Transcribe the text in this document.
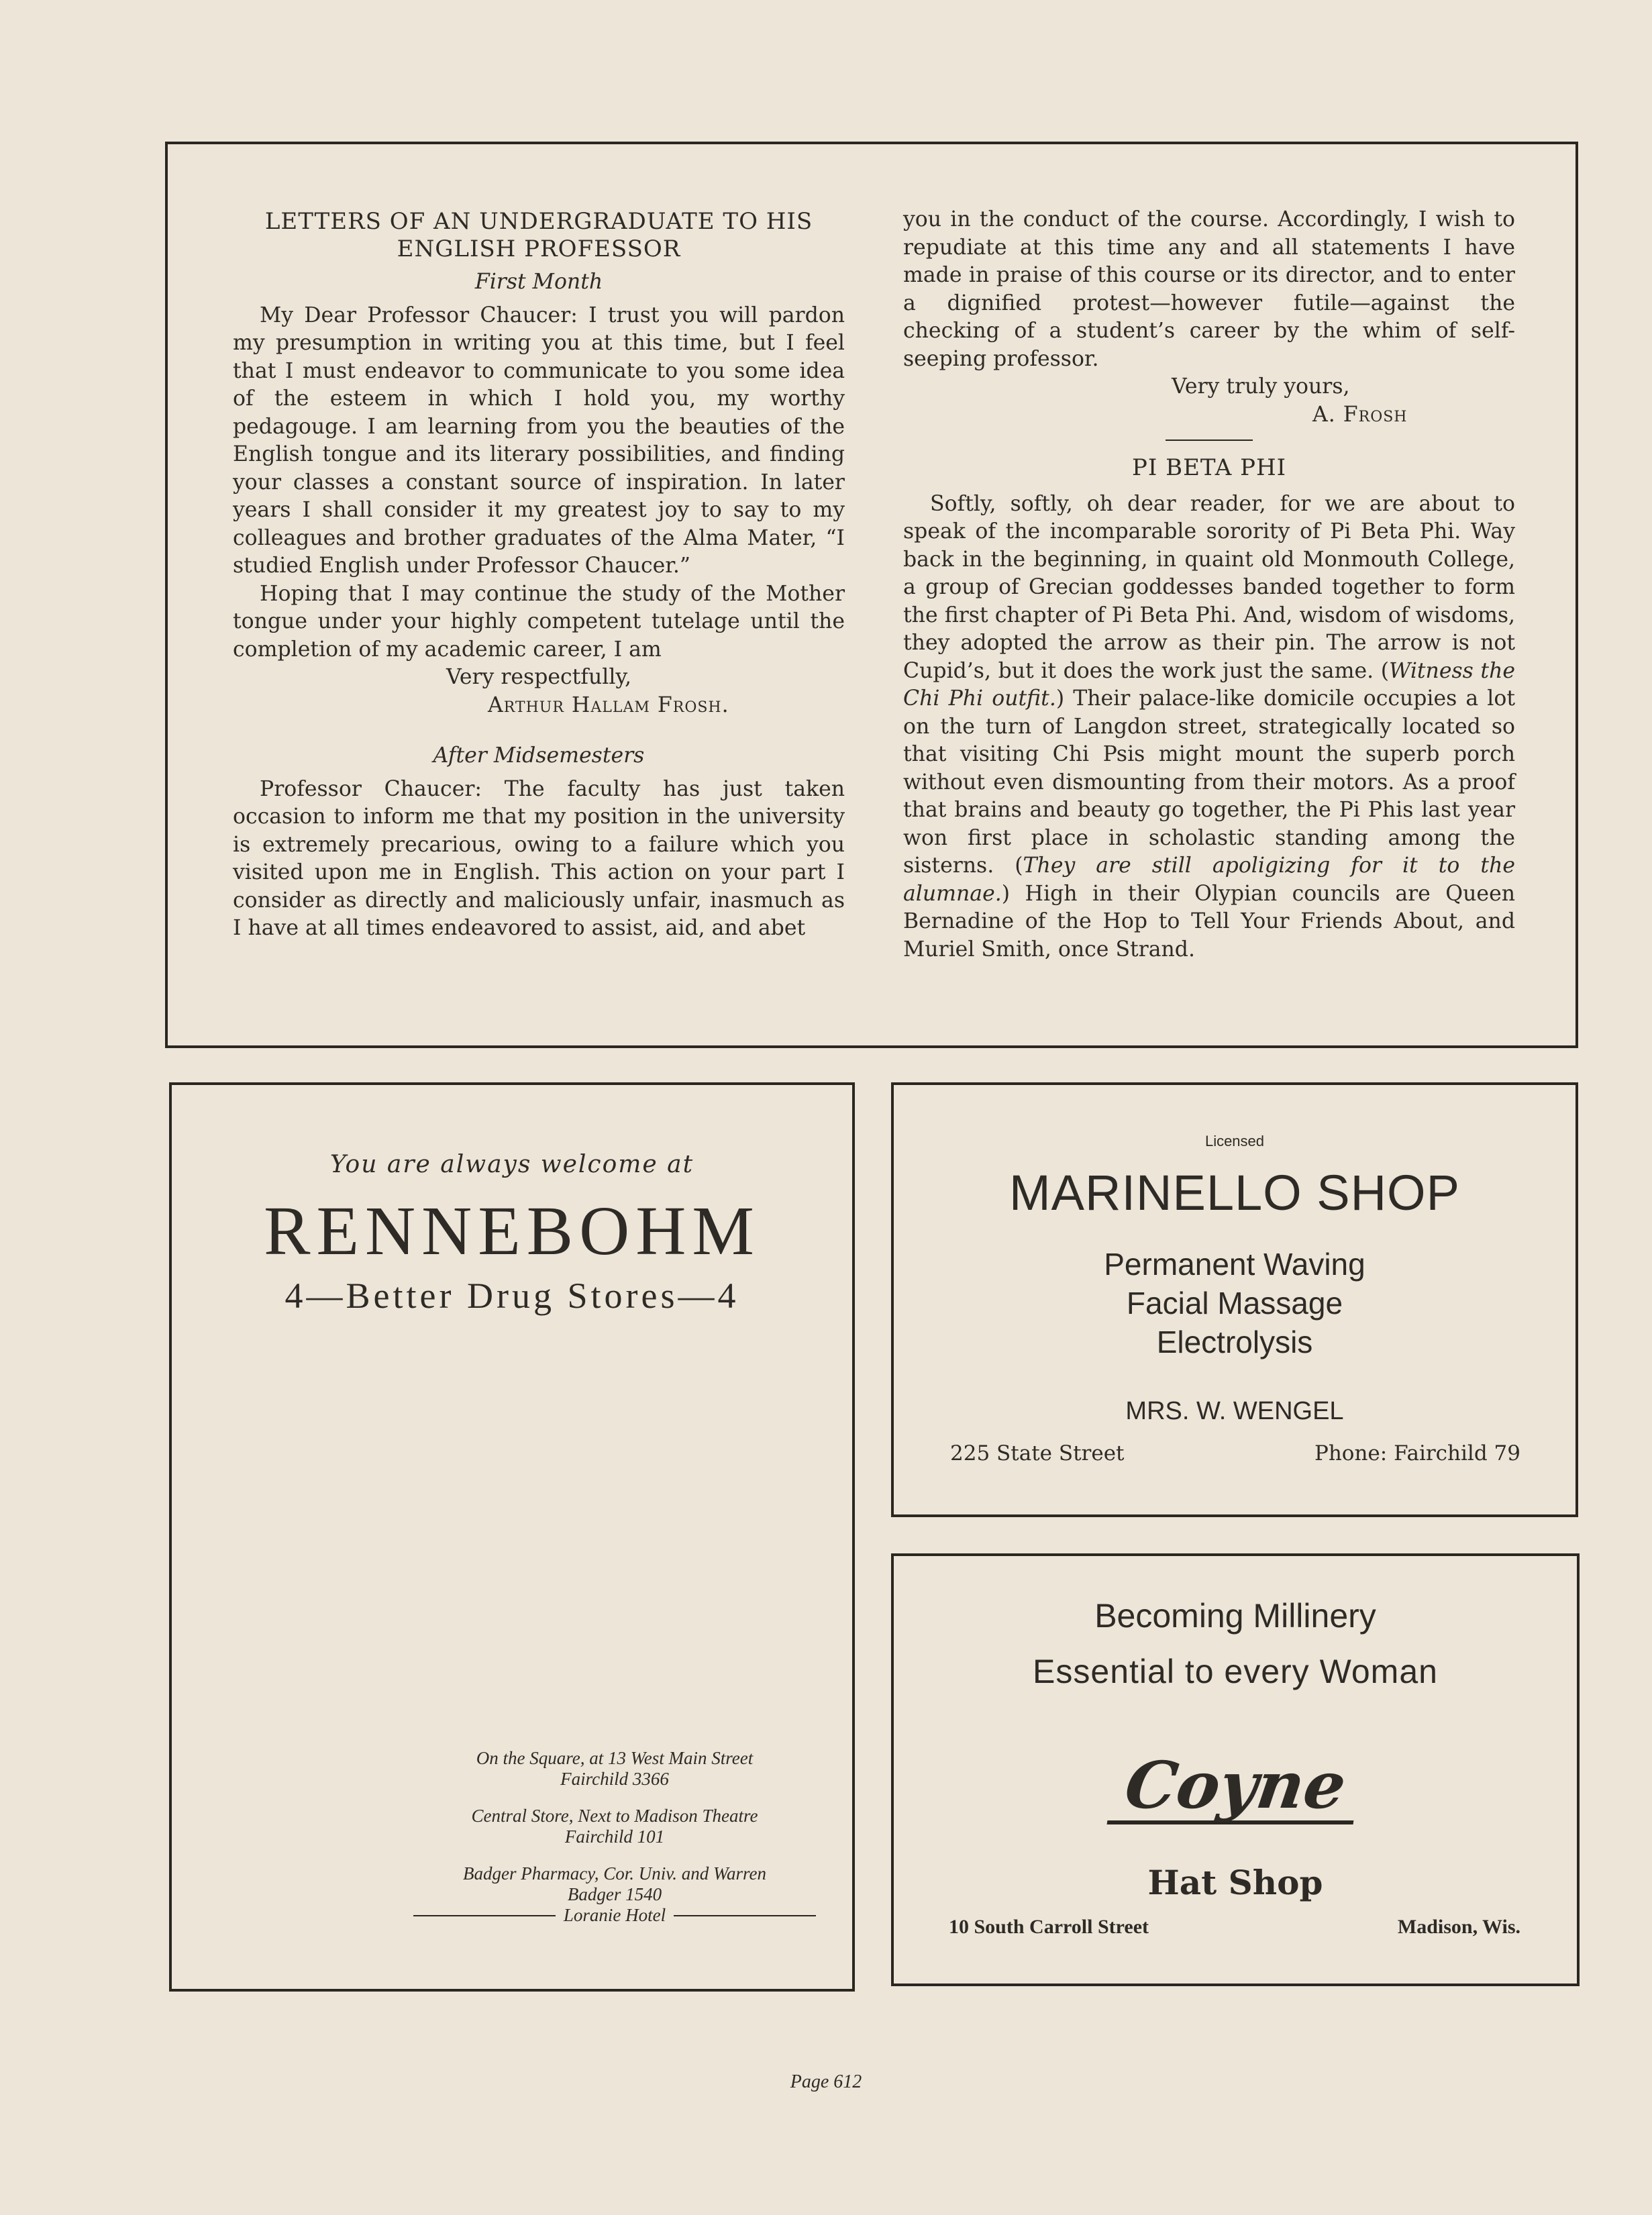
LETTERS OF AN UNDERGRADUATE TO HIS ENGLISH PROFESSOR
First Month

My Dear Professor Chaucer: I trust you will pardon my presumption in writing you at this time, but I feel that I must endeavor to communicate to you some idea of the esteem in which I hold you, my worthy pedagouge. I am learning from you the beauties of the English tongue and its literary possibilities, and finding your classes a constant source of inspiration. In later years I shall consider it my greatest joy to say to my colleagues and brother graduates of the Alma Mater, “I studied English under Professor Chaucer.”

Hoping that I may continue the study of the Mother tongue under your highly competent tutelage until the completion of my academic career, I am

Very respectfully,
Arthur Hallam Frosh.
After Midsemesters

Professor Chaucer: The faculty has just taken occasion to inform me that my position in the university is extremely precarious, owing to a failure which you visited upon me in English. This action on your part I consider as directly and maliciously unfair, inasmuch as I have at all times endeavored to assist, aid, and abet

you in the conduct of the course. Accordingly, I wish to repudiate at this time any and all statements I have made in praise of this course or its director, and to enter a dignified protest—however futile—against the checking of a student’s career by the whim of self-seeping professor.

Very truly yours,
A. Frosh
PI BETA PHI

Softly, softly, oh dear reader, for we are about to speak of the incomparable sorority of Pi Beta Phi. Way back in the beginning, in quaint old Monmouth College, a group of Grecian goddesses banded together to form the first chapter of Pi Beta Phi. And, wisdom of wisdoms, they adopted the arrow as their pin. The arrow is not Cupid’s, but it does the work just the same. (Witness the Chi Phi outfit.) Their palace-like domicile occupies a lot on the turn of Langdon street, strategically located so that visiting Chi Psis might mount the superb porch without even dismounting from their motors. As a proof that brains and beauty go together, the Pi Phis last year won first place in scholastic standing among the sisterns. (They are still apoligizing for it to the alumnae.) High in their Olypian councils are Queen Bernadine of the Hop to Tell Your Friends About, and Muriel Smith, once Strand.

You are always welcome at
RENNEBOHM
4—Better Drug Stores—4
On the Square, at 13 West Main Street
Fairchild 3366
Central Store, Next to Madison Theatre
Fairchild 101
Badger Pharmacy, Cor. Univ. and Warren
Badger 1540
Loranie Hotel
Licensed
MARINELLO SHOP
Permanent Waving
Facial Massage
Electrolysis
MRS. W. WENGEL
225 State Street	Phone: Fairchild 79
Becoming Millinery
Essential to every Woman
Coyne
Hat Shop
10 South Carroll Street	Madison, Wis.
Page 612
